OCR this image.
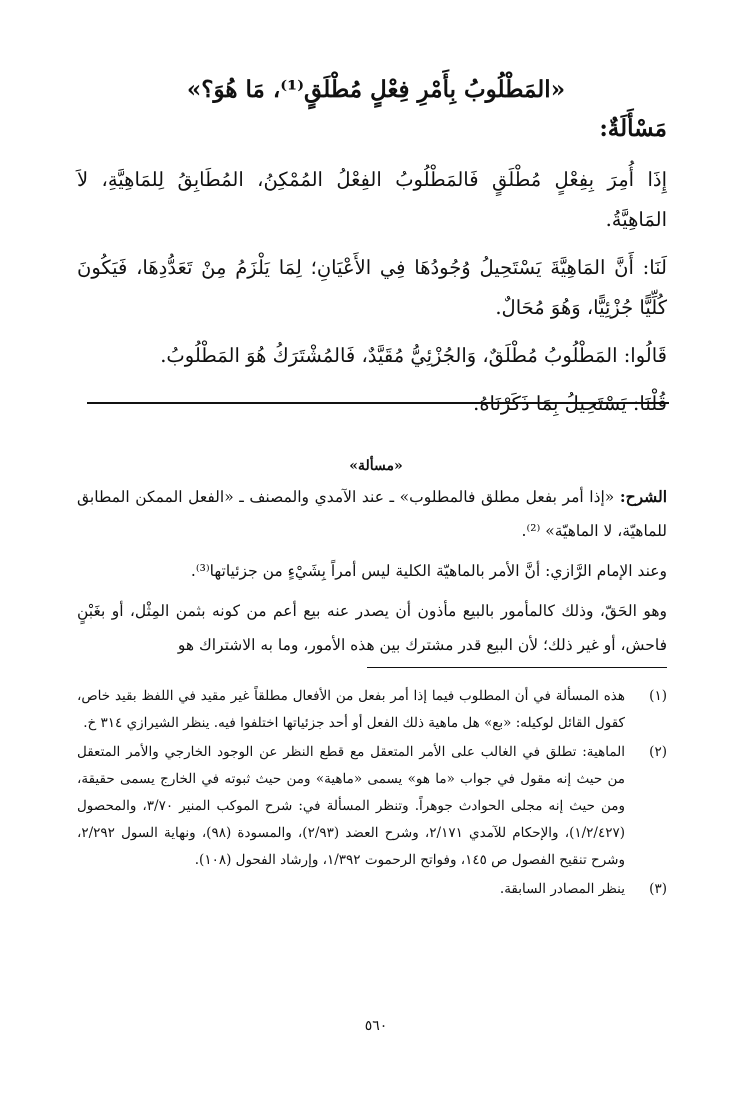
«المَطْلُوبُ بِأَمْرِ فِعْلٍ مُطْلَقٍ⁽¹⁾، مَا هُوَ؟»
مَسْأَلَةٌ:

إِذَا أُمِرَ بِفِعْلٍ مُطْلَقٍ فَالمَطْلُوبُ الفِعْلُ المُمْكِنُ، المُطَابِقُ لِلمَاهِيَّةِ، لاَ المَاهِيَّةُ.

لَنَا: أَنَّ المَاهِيَّةَ يَسْتَحِيلُ وُجُودُهَا فِي الأَعْيَانِ؛ لِمَا يَلْزَمُ مِنْ تَعَدُّدِهَا، فَيَكُونَ كُلِّيًّا جُزْئِيًّا، وَهُوَ مُحَالٌ.

قَالُوا: المَطْلُوبُ مُطْلَقٌ، وَالجُزْئِيُّ مُقَيَّدٌ، فَالمُشْتَرَكُ هُوَ المَطْلُوبُ.

قُلْنَا: يَسْتَحِيلُ بِمَا ذَكَرْنَاهُ.

«مسألة»

الشرح: «إذا أمر بفعل مطلق فالمطلوب» ـ عند الآمدي والمصنف ـ «الفعل الممكن المطابق للماهيّة، لا الماهيّة» ⁽²⁾.

وعند الإمام الرَّازي: أنَّ الأمر بالماهيّة الكلية ليس أمراً بِشَيْءٍ من جزئياتها⁽³⁾.

وهو الحَقّ، وذلك كالمأمور بالبيع مأذون أن يصدر عنه بيع أعم من كونه بثمن المِثْل، أو بغَبْنٍ فاحش، أو غير ذلك؛ لأن البيع قدر مشترك بين هذه الأمور، وما به الاشتراك هو

(١)
هذه المسألة في أن المطلوب فيما إذا أمر بفعل من الأفعال مطلقاً غير مقيد في اللفظ بقيد خاص، كقول القائل لوكيله: «بع» هل ماهية ذلك الفعل أو أحد جزئياتها اختلفوا فيه. ينظر الشيرازي ٣١٤ خ.
(٢)
الماهية: تطلق في الغالب على الأمر المتعقل مع قطع النظر عن الوجود الخارجي والأمر المتعقل من حيث إنه مقول في جواب «ما هو» يسمى «ماهية» ومن حيث ثبوته في الخارج يسمى حقيقة، ومن حيث إنه مجلى الحوادث جوهراً. وتنظر المسألة في: شرح الموكب المنير ٣/٧٠، والمحصول (١/٢/٤٢٧)، والإحكام للآمدي ٢/١٧١، وشرح العضد (٢/٩٣)، والمسودة (٩٨)، ونهاية السول ٢/٢٩٢، وشرح تنقيح الفصول ص ١٤٥، وفواتح الرحموت ١/٣٩٢، وإرشاد الفحول (١٠٨).
(٣)
ينظر المصادر السابقة.
٥٦٠
